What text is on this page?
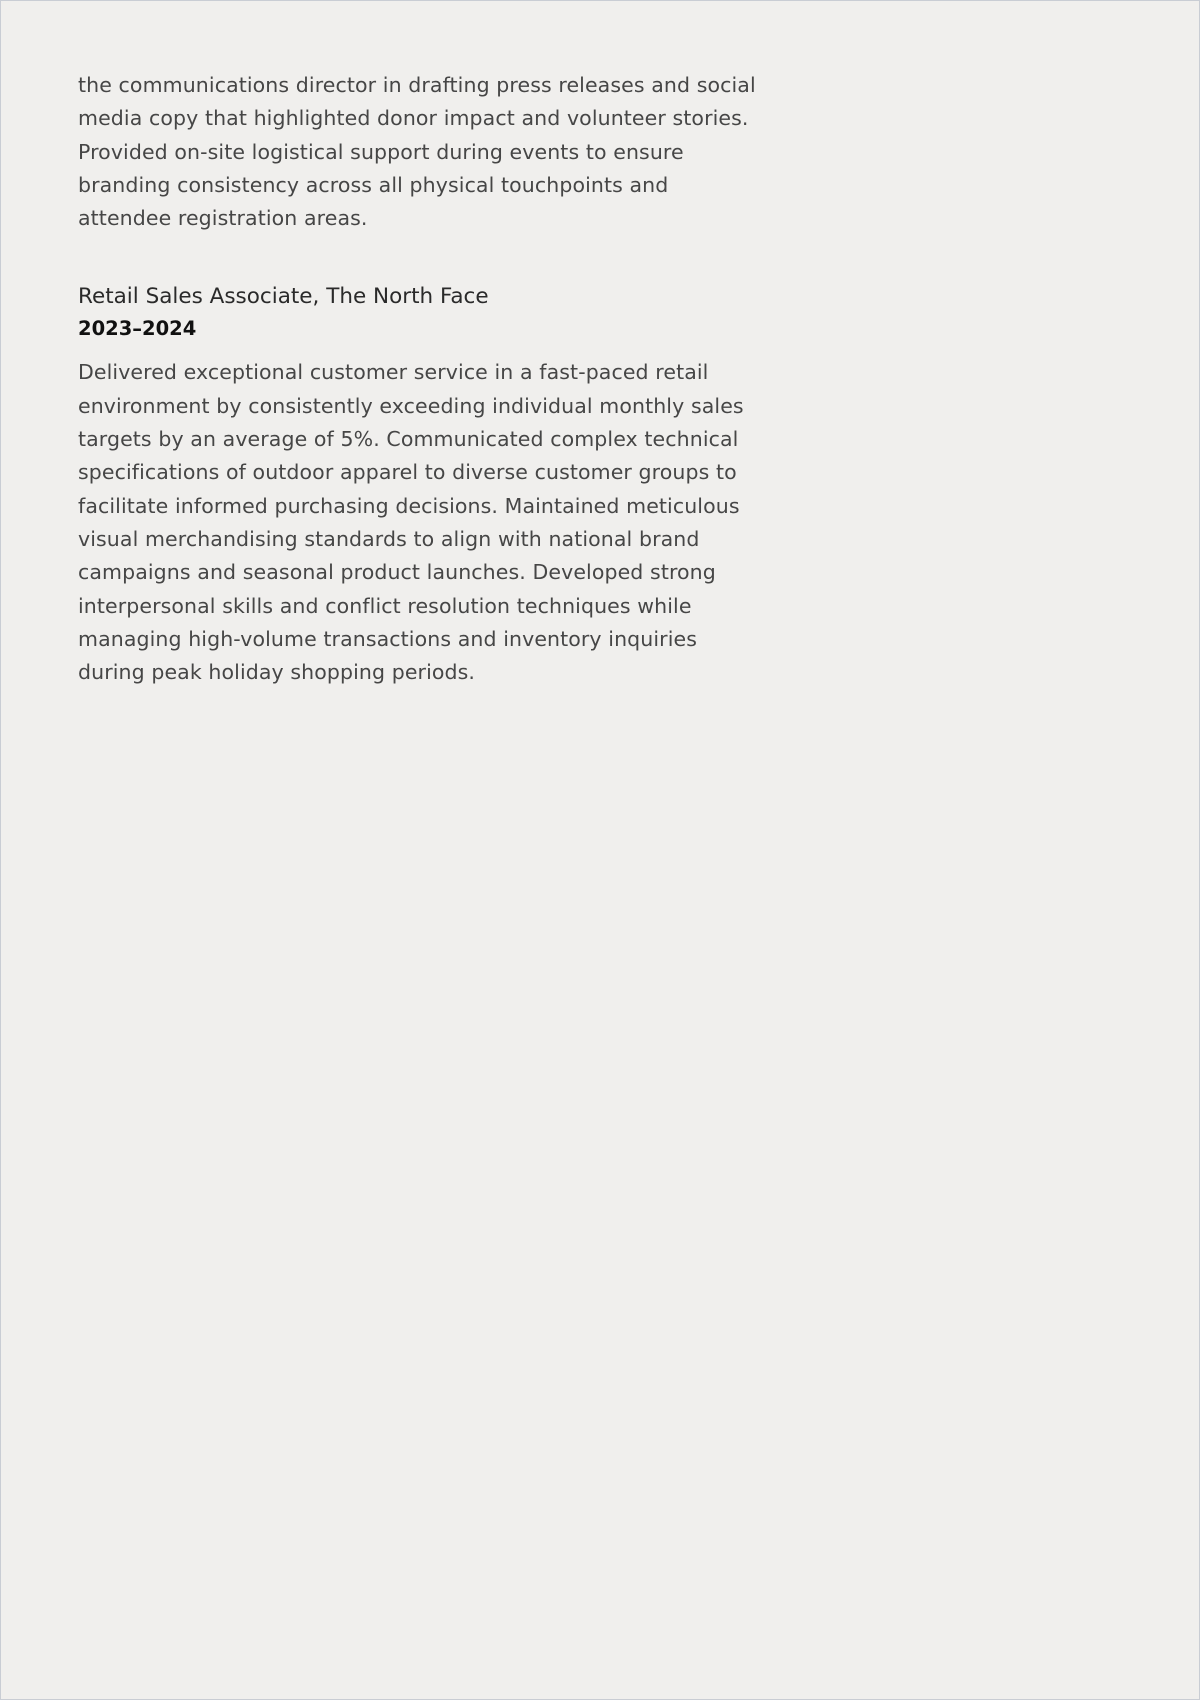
the communications director in drafting press releases and social media copy that highlighted donor impact and volunteer stories. Provided on-site logistical support during events to ensure branding consistency across all physical touchpoints and attendee registration areas.

Retail Sales Associate, The North Face
2023–2024

Delivered exceptional customer service in a fast-paced retail environment by consistently exceeding individual monthly sales targets by an average of 5%. Communicated complex technical specifications of outdoor apparel to diverse customer groups to facilitate informed purchasing decisions. Maintained meticulous visual merchandising standards to align with national brand campaigns and seasonal product launches. Developed strong interpersonal skills and conflict resolution techniques while managing high-volume transactions and inventory inquiries during peak holiday shopping periods.
